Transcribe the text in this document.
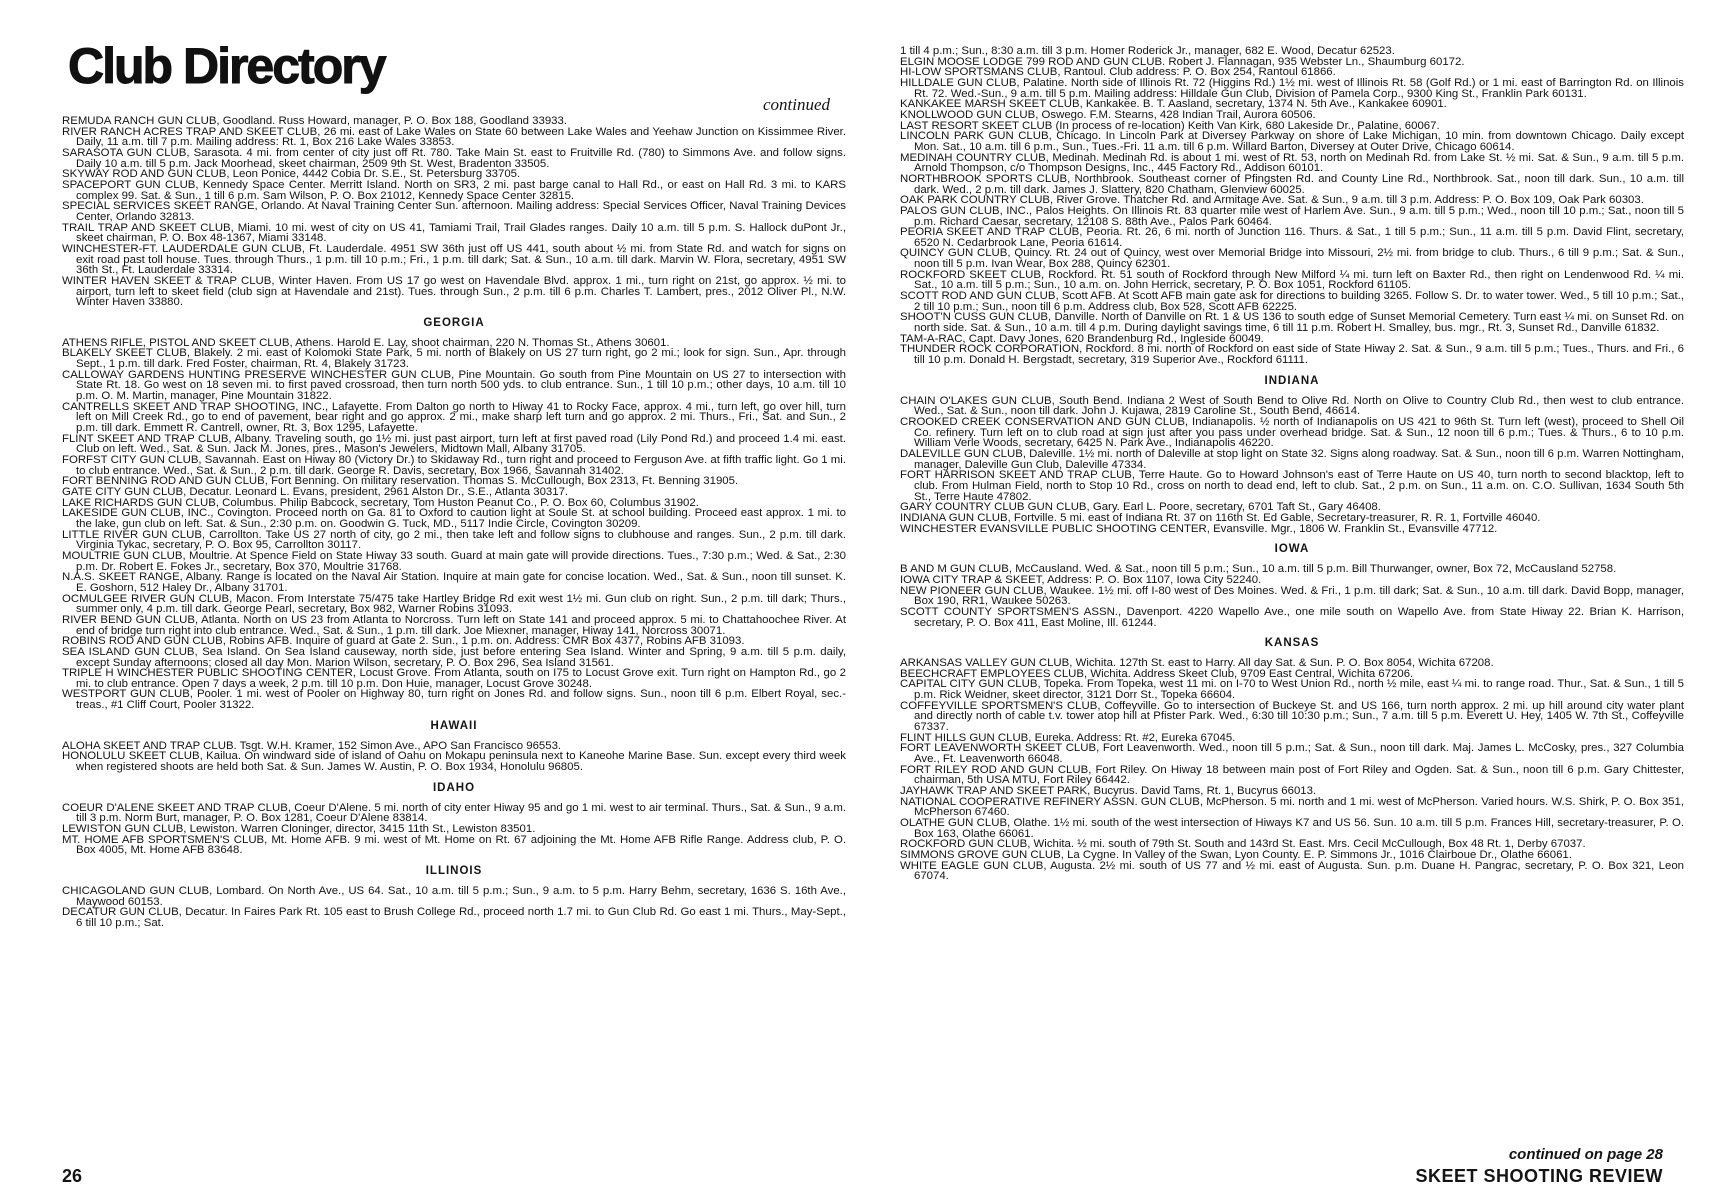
Club Directory
continued
REMUDA RANCH GUN CLUB, Goodland. Russ Howard, manager, P. O. Box 188, Goodland 33933.
RIVER RANCH ACRES TRAP AND SKEET CLUB, 26 mi. east of Lake Wales on State 60 between Lake Wales and Yeehaw Junction on Kissimmee River. Daily, 11 a.m. till 7 p.m. Mailing address: Rt. 1, Box 216 Lake Wales 33853.
SARASOTA GUN CLUB, Sarasota. 4 mi. from center of city just off Rt. 780. Take Main St. east to Fruitville Rd. (780) to Simmons Ave. and follow signs. Daily 10 a.m. till 5 p.m. Jack Moorhead, skeet chairman, 2509 9th St. West, Bradenton 33505.
SKYWAY ROD AND GUN CLUB, Leon Ponice, 4442 Cobia Dr. S.E., St. Petersburg 33705.
SPACEPORT GUN CLUB, Kennedy Space Center. Merritt Island. North on SR3, 2 mi. past barge canal to Hall Rd., or east on Hall Rd. 3 mi. to KARS complex 99. Sat. & Sun., 1 till 6 p.m. Sam Wilson, P. O. Box 21012, Kennedy Space Center 32815.
SPECIAL SERVICES SKEET RANGE, Orlando. At Naval Training Center Sun. afternoon. Mailing address: Special Services Officer, Naval Training Devices Center, Orlando 32813.
TRAIL TRAP AND SKEET CLUB, Miami. 10 mi. west of city on US 41, Tamiami Trail, Trail Glades ranges. Daily 10 a.m. till 5 p.m. S. Hallock duPont Jr., skeet chairman, P. O. Box 48-1367, Miami 33148.
WINCHESTER-FT. LAUDERDALE GUN CLUB, Ft. Lauderdale. 4951 SW 36th just off US 441, south about ½ mi. from State Rd. and watch for signs on exit road past toll house. Tues. through Thurs., 1 p.m. till 10 p.m.; Fri., 1 p.m. till dark; Sat. & Sun., 10 a.m. till dark. Marvin W. Flora, secretary, 4951 SW 36th St., Ft. Lauderdale 33314.
WINTER HAVEN SKEET & TRAP CLUB, Winter Haven. From US 17 go west on Havendale Blvd. approx. 1 mi., turn right on 21st, go approx. ½ mi. to airport, turn left to skeet field (club sign at Havendale and 21st). Tues. through Sun., 2 p.m. till 6 p.m. Charles T. Lambert, pres., 2012 Oliver Pl., N.W. Winter Haven 33880.
GEORGIA
ATHENS RIFLE, PISTOL AND SKEET CLUB, Athens. Harold E. Lay, shoot chairman, 220 N. Thomas St., Athens 30601.
BLAKELY SKEET CLUB, Blakely. 2 mi. east of Kolomoki State Park, 5 mi. north of Blakely on US 27 turn right, go 2 mi.; look for sign. Sun., Apr. through Sept., 1 p.m. till dark. Fred Foster, chairman, Rt. 4, Blakely 31723.
CALLOWAY GARDENS HUNTING PRESERVE WINCHESTER GUN CLUB, Pine Mountain. Go south from Pine Mountain on US 27 to intersection with State Rt. 18. Go west on 18 seven mi. to first paved crossroad, then turn north 500 yds. to club entrance. Sun., 1 till 10 p.m.; other days, 10 a.m. till 10 p.m. O. M. Martin, manager, Pine Mountain 31822.
CANTRELLS SKEET AND TRAP SHOOTING, INC., Lafayette. From Dalton go north to Hiway 41 to Rocky Face, approx. 4 mi., turn left, go over hill, turn left on Mill Creek Rd., go to end of pavement, bear right and go approx. 2 mi., make sharp left turn and go approx. 2 mi. Thurs., Fri., Sat. and Sun., 2 p.m. till dark. Emmett R. Cantrell, owner, Rt. 3, Box 1295, Lafayette.
FLINT SKEET AND TRAP CLUB, Albany. Traveling south, go 1½ mi. just past airport, turn left at first paved road (Lily Pond Rd.) and proceed 1.4 mi. east. Club on left. Wed., Sat. & Sun. Jack M. Jones, pres., Mason's Jewelers, Midtown Mall, Albany 31705.
FORFST CITY GUN CLUB, Savannah. East on Hiway 80 (Victory Dr.) to Skidaway Rd., turn right and proceed to Ferguson Ave. at fifth traffic light. Go 1 mi. to club entrance. Wed., Sat. & Sun., 2 p.m. till dark. George R. Davis, secretary, Box 1966, Savannah 31402.
FORT BENNING ROD AND GUN CLUB, Fort Benning. On military reservation. Thomas S. McCullough, Box 2313, Ft. Benning 31905.
GATE CITY GUN CLUB, Decatur. Leonard L. Evans, president, 2961 Alston Dr., S.E., Atlanta 30317.
LAKE RICHARDS GUN CLUB, Columbus. Philip Babcock, secretary, Tom Huston Peanut Co., P. O. Box 60, Columbus 31902.
LAKESIDE GUN CLUB, INC., Covington. Proceed north on Ga. 81 to Oxford to caution light at Soule St. at school building. Proceed east approx. 1 mi. to the lake, gun club on left. Sat. & Sun., 2:30 p.m. on. Goodwin G. Tuck, MD., 5117 Indie Circle, Covington 30209.
LITTLE RIVER GUN CLUB, Carrollton. Take US 27 north of city, go 2 mi., then take left and follow signs to clubhouse and ranges. Sun., 2 p.m. till dark. Virginia Tykac, secretary, P. O. Box 95, Carrollton 30117.
MOULTRIE GUN CLUB, Moultrie. At Spence Field on State Hiway 33 south. Guard at main gate will provide directions. Tues., 7:30 p.m.; Wed. & Sat., 2:30 p.m. Dr. Robert E. Fokes Jr., secretary, Box 370, Moultrie 31768.
N.A.S. SKEET RANGE, Albany. Range is located on the Naval Air Station. Inquire at main gate for concise location. Wed., Sat. & Sun., noon till sunset. K. E. Goshorn, 512 Haley Dr., Albany 31701.
OCMULGEE RIVER GUN CLUB, Macon. From Interstate 75/475 take Hartley Bridge Rd exit west 1½ mi. Gun club on right. Sun., 2 p.m. till dark; Thurs., summer only, 4 p.m. till dark. George Pearl, secretary, Box 982, Warner Robins 31093.
RIVER BEND GUN CLUB, Atlanta. North on US 23 from Atlanta to Norcross. Turn left on State 141 and proceed approx. 5 mi. to Chattahoochee River. At end of bridge turn right into club entrance. Wed., Sat. & Sun., 1 p.m. till dark. Joe Miexner, manager, Hiway 141, Norcross 30071.
ROBINS ROD AND GUN CLUB, Robins AFB. Inquire of guard at Gate 2. Sun., 1 p.m. on. Address: CMR Box 4377, Robins AFB 31093.
SEA ISLAND GUN CLUB, Sea Island. On Sea Island causeway, north side, just before entering Sea Island. Winter and Spring, 9 a.m. till 5 p.m. daily, except Sunday afternoons; closed all day Mon. Marion Wilson, secretary, P. O. Box 296, Sea Island 31561.
TRIPLE H WINCHESTER PUBLIC SHOOTING CENTER, Locust Grove. From Atlanta, south on I75 to Locust Grove exit. Turn right on Hampton Rd., go 2 mi. to club entrance. Open 7 days a week, 2 p.m. till 10 p.m. Don Huie, manager, Locust Grove 30248.
WESTPORT GUN CLUB, Pooler. 1 mi. west of Pooler on Highway 80, turn right on Jones Rd. and follow signs. Sun., noon till 6 p.m. Elbert Royal, sec.-treas., #1 Cliff Court, Pooler 31322.
HAWAII
ALOHA SKEET AND TRAP CLUB. Tsgt. W.H. Kramer, 152 Simon Ave., APO San Francisco 96553.
HONOLULU SKEET CLUB, Kailua. On windward side of island of Oahu on Mokapu peninsula next to Kaneohe Marine Base. Sun. except every third week when registered shoots are held both Sat. & Sun. James W. Austin, P. O. Box 1934, Honolulu 96805.
IDAHO
COEUR D'ALENE SKEET AND TRAP CLUB, Coeur D'Alene. 5 mi. north of city enter Hiway 95 and go 1 mi. west to air terminal. Thurs., Sat. & Sun., 9 a.m. till 3 p.m. Norm Burt, manager, P. O. Box 1281, Coeur D'Alene 83814.
LEWISTON GUN CLUB, Lewiston. Warren Cloninger, director, 3415 11th St., Lewiston 83501.
MT. HOME AFB SPORTSMEN'S CLUB, Mt. Home AFB. 9 mi. west of Mt. Home on Rt. 67 adjoining the Mt. Home AFB Rifle Range. Address club, P. O. Box 4005, Mt. Home AFB 83648.
ILLINOIS
CHICAGOLAND GUN CLUB, Lombard. On North Ave., US 64. Sat., 10 a.m. till 5 p.m.; Sun., 9 a.m. to 5 p.m. Harry Behm, secretary, 1636 S. 16th Ave., Maywood 60153.
DECATUR GUN CLUB, Decatur. In Faires Park Rt. 105 east to Brush College Rd., proceed north 1.7 mi. to Gun Club Rd. Go east 1 mi. Thurs., May-Sept., 6 till 10 p.m.; Sat.
1 till 4 p.m.; Sun., 8:30 a.m. till 3 p.m. Homer Roderick Jr., manager, 682 E. Wood, Decatur 62523.
ELGIN MOOSE LODGE 799 ROD AND GUN CLUB. Robert J. Flannagan, 935 Webster Ln., Shaumburg 60172.
HI-LOW SPORTSMANS CLUB, Rantoul. Club address: P. O. Box 254, Rantoul 61866.
HILLDALE GUN CLUB, Palatine. North side of Illinois Rt. 72 (Higgins Rd.) 1½ mi. west of Illinois Rt. 58 (Golf Rd.) or 1 mi. east of Barrington Rd. on Illinois Rt. 72. Wed.-Sun., 9 a.m. till 5 p.m. Mailing address: Hilldale Gun Club, Division of Pamela Corp., 9300 King St., Franklin Park 60131.
KANKAKEE MARSH SKEET CLUB, Kankakee. B. T. Aasland, secretary, 1374 N. 5th Ave., Kankakee 60901.
KNOLLWOOD GUN CLUB, Oswego. F.M. Stearns, 428 Indian Trail, Aurora 60506.
LAST RESORT SKEET CLUB (In process of re-location) Keith Van Kirk, 680 Lakeside Dr., Palatine, 60067.
LINCOLN PARK GUN CLUB, Chicago. In Lincoln Park at Diversey Parkway on shore of Lake Michigan, 10 min. from downtown Chicago. Daily except Mon. Sat., 10 a.m. till 6 p.m., Sun., Tues.-Fri. 11 a.m. till 6 p.m. Willard Barton, Diversey at Outer Drive, Chicago 60614.
MEDINAH COUNTRY CLUB, Medinah. Medinah Rd. is about 1 mi. west of Rt. 53, north on Medinah Rd. from Lake St. ½ mi. Sat. & Sun., 9 a.m. till 5 p.m. Arnold Thompson, c/o Thompson Designs, Inc., 445 Factory Rd., Addison 60101.
NORTHBROOK SPORTS CLUB, Northbrook. Southeast corner of Pfingsten Rd. and County Line Rd., Northbrook. Sat., noon till dark. Sun., 10 a.m. till dark. Wed., 2 p.m. till dark. James J. Slattery, 820 Chatham, Glenview 60025.
OAK PARK COUNTRY CLUB, River Grove. Thatcher Rd. and Armitage Ave. Sat. & Sun., 9 a.m. till 3 p.m. Address: P. O. Box 109, Oak Park 60303.
PALOS GUN CLUB, INC., Palos Heights. On Illinois Rt. 83 quarter mile west of Harlem Ave. Sun., 9 a.m. till 5 p.m.; Wed., noon till 10 p.m.; Sat., noon till 5 p.m. Richard Caesar, secretary, 12108 S. 88th Ave., Palos Park 60464.
PEORIA SKEET AND TRAP CLUB, Peoria. Rt. 26, 6 mi. north of Junction 116. Thurs. & Sat., 1 till 5 p.m.; Sun., 11 a.m. till 5 p.m. David Flint, secretary, 6520 N. Cedarbrook Lane, Peoria 61614.
QUINCY GUN CLUB, Quincy. Rt. 24 out of Quincy, west over Memorial Bridge into Missouri, 2½ mi. from bridge to club. Thurs., 6 till 9 p.m.; Sat. & Sun., noon till 5 p.m. Ivan Wear, Box 288, Quincy 62301.
ROCKFORD SKEET CLUB, Rockford. Rt. 51 south of Rockford through New Milford ¼ mi. turn left on Baxter Rd., then right on Lendenwood Rd. ¼ mi. Sat., 10 a.m. till 5 p.m.; Sun., 10 a.m. on. John Herrick, secretary, P. O. Box 1051, Rockford 61105.
SCOTT ROD AND GUN CLUB, Scott AFB. At Scott AFB main gate ask for directions to building 3265. Follow S. Dr. to water tower. Wed., 5 till 10 p.m.; Sat., 2 till 10 p.m.; Sun., noon till 6 p.m. Address club, Box 528, Scott AFB 62225.
SHOOT'N CUSS GUN CLUB, Danville. North of Danville on Rt. 1 & US 136 to south edge of Sunset Memorial Cemetery. Turn east ¼ mi. on Sunset Rd. on north side. Sat. & Sun., 10 a.m. till 4 p.m. During daylight savings time, 6 till 11 p.m. Robert H. Smalley, bus. mgr., Rt. 3, Sunset Rd., Danville 61832.
TAM-A-RAC, Capt. Davy Jones, 620 Brandenburg Rd., Ingleside 60049.
THUNDER ROCK CORPORATION, Rockford. 8 mi. north of Rockford on east side of State Hiway 2. Sat. & Sun., 9 a.m. till 5 p.m.; Tues., Thurs. and Fri., 6 till 10 p.m. Donald H. Bergstadt, secretary, 319 Superior Ave., Rockford 61111.
INDIANA
CHAIN O'LAKES GUN CLUB, South Bend. Indiana 2 West of South Bend to Olive Rd. North on Olive to Country Club Rd., then west to club entrance. Wed., Sat. & Sun., noon till dark. John J. Kujawa, 2819 Caroline St., South Bend, 46614.
CROOKED CREEK CONSERVATION AND GUN CLUB, Indianapolis. ½ north of Indianapolis on US 421 to 96th St. Turn left (west), proceed to Shell Oil Co. refinery. Turn left on to club road at sign just after you pass under overhead bridge. Sat. & Sun., 12 noon till 6 p.m.; Tues. & Thurs., 6 to 10 p.m. William Verle Woods, secretary, 6425 N. Park Ave., Indianapolis 46220.
DALEVILLE GUN CLUB, Daleville. 1½ mi. north of Daleville at stop light on State 32. Signs along roadway. Sat. & Sun., noon till 6 p.m. Warren Nottingham, manager, Daleville Gun Club, Daleville 47334.
FORT HARRISON SKEET AND TRAP CLUB, Terre Haute. Go to Howard Johnson's east of Terre Haute on US 40, turn north to second blacktop, left to club. From Hulman Field, north to Stop 10 Rd., cross on north to dead end, left to club. Sat., 2 p.m. on Sun., 11 a.m. on. C.O. Sullivan, 1634 South 5th St., Terre Haute 47802.
GARY COUNTRY CLUB GUN CLUB, Gary. Earl L. Poore, secretary, 6701 Taft St., Gary 46408.
INDIANA GUN CLUB, Fortville. 5 mi. east of Indiana Rt. 37 on 116th St. Ed Gable, Secretary-treasurer, R. R. 1, Fortville 46040.
WINCHESTER EVANSVILLE PUBLIC SHOOTING CENTER, Evansville. Mgr., 1806 W. Franklin St., Evansville 47712.
IOWA
B AND M GUN CLUB, McCausland. Wed. & Sat., noon till 5 p.m.; Sun., 10 a.m. till 5 p.m. Bill Thurwanger, owner, Box 72, McCausland 52758.
IOWA CITY TRAP & SKEET, Address: P. O. Box 1107, Iowa City 52240.
NEW PIONEER GUN CLUB, Waukee. 1½ mi. off I-80 west of Des Moines. Wed. & Fri., 1 p.m. till dark; Sat. & Sun., 10 a.m. till dark. David Bopp, manager, Box 190, RR1, Waukee 50263.
SCOTT COUNTY SPORTSMEN'S ASSN., Davenport. 4220 Wapello Ave., one mile south on Wapello Ave. from State Hiway 22. Brian K. Harrison, secretary, P. O. Box 411, East Moline, Ill. 61244.
KANSAS
ARKANSAS VALLEY GUN CLUB, Wichita. 127th St. east to Harry. All day Sat. & Sun. P. O. Box 8054, Wichita 67208.
BEECHCRAFT EMPLOYEES CLUB, Wichita. Address Skeet Club, 9709 East Central, Wichita 67206.
CAPITAL CITY GUN CLUB, Topeka. From Topeka, west 11 mi. on I-70 to West Union Rd., north ½ mile, east ¼ mi. to range road. Thur., Sat. & Sun., 1 till 5 p.m. Rick Weidner, skeet director, 3121 Dorr St., Topeka 66604.
COFFEYVILLE SPORTSMEN'S CLUB, Coffeyville. Go to intersection of Buckeye St. and US 166, turn north approx. 2 mi. up hill around city water plant and directly north of cable t.v. tower atop hill at Pfister Park. Wed., 6:30 till 10:30 p.m.; Sun., 7 a.m. till 5 p.m. Everett U. Hey, 1405 W. 7th St., Coffeyville 67337.
FLINT HILLS GUN CLUB, Eureka. Address: Rt. #2, Eureka 67045.
FORT LEAVENWORTH SKEET CLUB, Fort Leavenworth. Wed., noon till 5 p.m.; Sat. & Sun., noon till dark. Maj. James L. McCosky, pres., 327 Columbia Ave., Ft. Leavenworth 66048.
FORT RILEY ROD AND GUN CLUB, Fort Riley. On Hiway 18 between main post of Fort Riley and Ogden. Sat. & Sun., noon till 6 p.m. Gary Chittester, chairman, 5th USA MTU, Fort Riley 66442.
JAYHAWK TRAP AND SKEET PARK, Bucyrus. David Tams, Rt. 1, Bucyrus 66013.
NATIONAL COOPERATIVE REFINERY ASSN. GUN CLUB, McPherson. 5 mi. north and 1 mi. west of McPherson. Varied hours. W.S. Shirk, P. O. Box 351, McPherson 67460.
OLATHE GUN CLUB, Olathe. 1½ mi. south of the west intersection of Hiways K7 and US 56. Sun. 10 a.m. till 5 p.m. Frances Hill, secretary-treasurer, P. O. Box 163, Olathe 66061.
ROCKFORD GUN CLUB, Wichita. ½ mi. south of 79th St. South and 143rd St. East. Mrs. Cecil McCullough, Box 48 Rt. 1, Derby 67037.
SIMMONS GROVE GUN CLUB, La Cygne. In Valley of the Swan, Lyon County. E. P. Simmons Jr., 1016 Clairboue Dr., Olathe 66061.
WHITE EAGLE GUN CLUB, Augusta. 2½ mi. south of US 77 and ½ mi. east of Augusta. Sun. p.m. Duane H. Pangrac, secretary, P. O. Box 321, Leon 67074.
26
continued on page 28
SKEET SHOOTING REVIEW
